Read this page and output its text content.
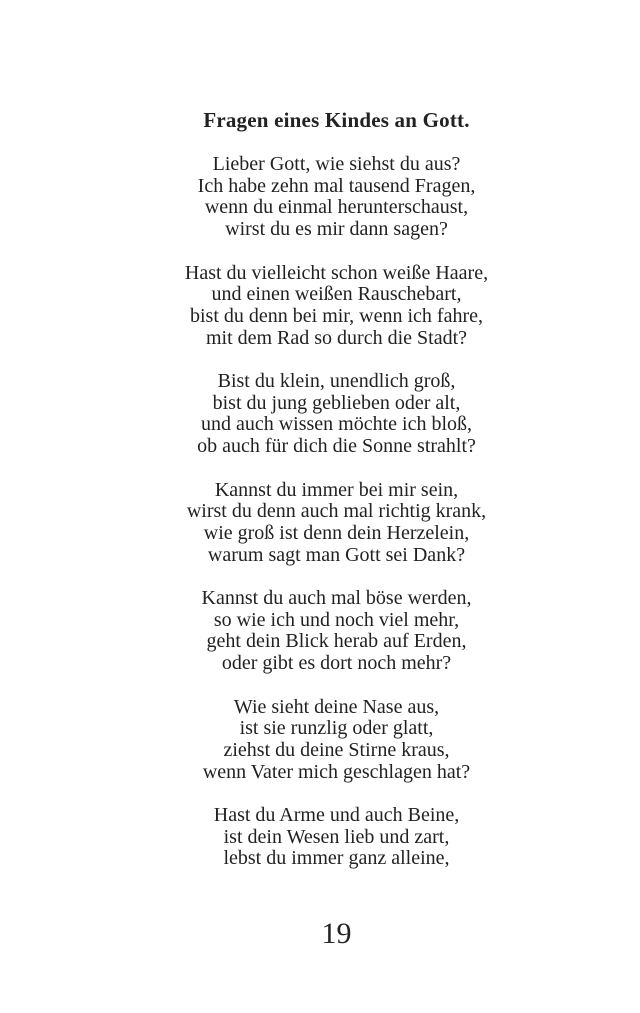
Fragen eines Kindes an Gott.
Lieber Gott, wie siehst du aus?
Ich habe zehn mal tausend Fragen,
wenn du einmal herunterschaust,
wirst du es mir dann sagen?
Hast du vielleicht schon weiße Haare,
und einen weißen Rauschebart,
bist du denn bei mir, wenn ich fahre,
mit dem Rad so durch die Stadt?
Bist du klein, unendlich groß,
bist du jung geblieben oder alt,
und auch wissen möchte ich bloß,
ob auch für dich die Sonne strahlt?
Kannst du immer bei mir sein,
wirst du denn auch mal richtig krank,
wie groß ist denn dein Herzelein,
warum sagt man Gott sei Dank?
Kannst du auch mal böse werden,
so wie ich und noch viel mehr,
geht dein Blick herab auf Erden,
oder gibt es dort noch mehr?
Wie sieht deine Nase aus,
ist sie runzlig oder glatt,
ziehst du deine Stirne kraus,
wenn Vater mich geschlagen hat?
Hast du Arme und auch Beine,
ist dein Wesen lieb und zart,
lebst du immer ganz alleine,
19
